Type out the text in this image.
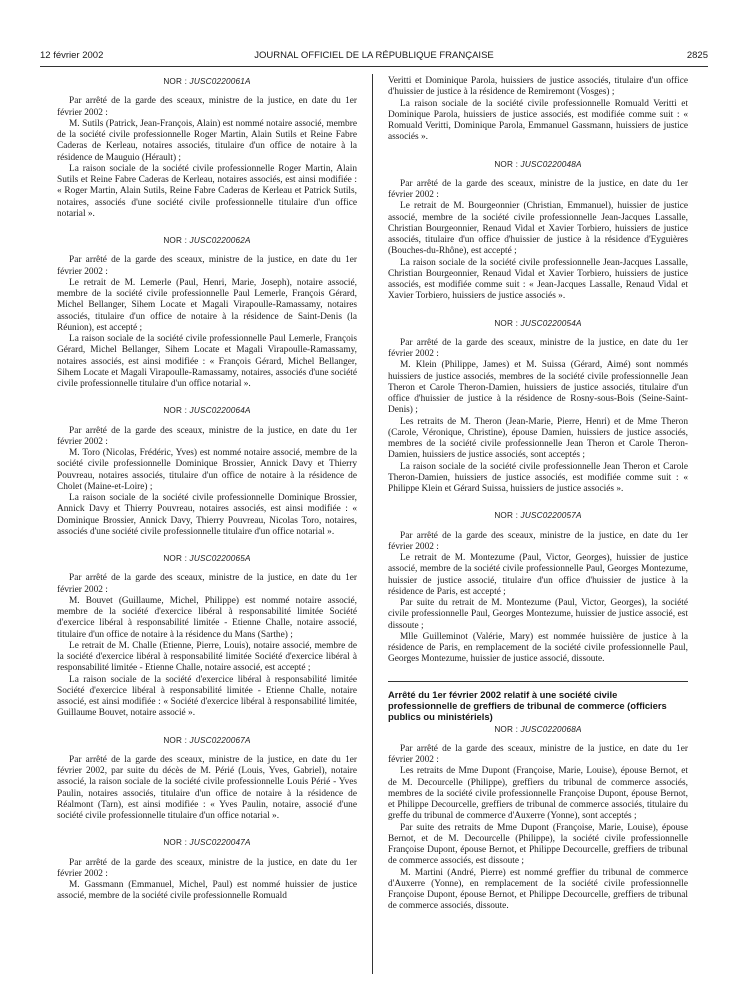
12 février 2002	JOURNAL OFFICIEL DE LA RÉPUBLIQUE FRANÇAISE	2825
NOR : JUSC0220061A

Par arrêté de la garde des sceaux, ministre de la justice, en date du 1er février 2002 :

M. Sutils (Patrick, Jean-François, Alain) est nommé notaire associé, membre de la société civile professionnelle Roger Martin, Alain Sutils et Reine Fabre Caderas de Kerleau, notaires associés, titulaire d'un office de notaire à la résidence de Mauguio (Hérault) ;

La raison sociale de la société civile professionnelle Roger Martin, Alain Sutils et Reine Fabre Caderas de Kerleau, notaires associés, est ainsi modifiée : « Roger Martin, Alain Sutils, Reine Fabre Caderas de Kerleau et Patrick Sutils, notaires, associés d'une société civile professionnelle titulaire d'un office notarial ».

NOR : JUSC0220062A

Par arrêté de la garde des sceaux, ministre de la justice, en date du 1er février 2002 :

Le retrait de M. Lemerle (Paul, Henri, Marie, Joseph), notaire associé, membre de la société civile professionnelle Paul Lemerle, François Gérard, Michel Bellanger, Sihem Locate et Magali Virapoulle-Ramassamy, notaires associés, titulaire d'un office de notaire à la résidence de Saint-Denis (la Réunion), est accepté ;

La raison sociale de la société civile professionnelle Paul Lemerle, François Gérard, Michel Bellanger, Sihem Locate et Magali Virapoulle-Ramassamy, notaires associés, est ainsi modifiée : « François Gérard, Michel Bellanger, Sihem Locate et Magali Virapoulle-Ramassamy, notaires, associés d'une société civile professionnelle titulaire d'un office notarial ».

NOR : JUSC0220064A

Par arrêté de la garde des sceaux, ministre de la justice, en date du 1er février 2002 :

M. Toro (Nicolas, Frédéric, Yves) est nommé notaire associé, membre de la société civile professionnelle Dominique Brossier, Annick Davy et Thierry Pouvreau, notaires associés, titulaire d'un office de notaire à la résidence de Cholet (Maine-et-Loire) ;

La raison sociale de la société civile professionnelle Dominique Brossier, Annick Davy et Thierry Pouvreau, notaires associés, est ainsi modifiée : « Dominique Brossier, Annick Davy, Thierry Pouvreau, Nicolas Toro, notaires, associés d'une société civile professionnelle titulaire d'un office notarial ».

NOR : JUSC0220065A

Par arrêté de la garde des sceaux, ministre de la justice, en date du 1er février 2002 :

M. Bouvet (Guillaume, Michel, Philippe) est nommé notaire associé, membre de la société d'exercice libéral à responsabilité limitée Société d'exercice libéral à responsabilité limitée - Etienne Challe, notaire associé, titulaire d'un office de notaire à la résidence du Mans (Sarthe) ;

Le retrait de M. Challe (Etienne, Pierre, Louis), notaire associé, membre de la société d'exercice libéral à responsabilité limitée Société d'exercice libéral à responsabilité limitée - Etienne Challe, notaire associé, est accepté ;

La raison sociale de la société d'exercice libéral à responsabilité limitée Société d'exercice libéral à responsabilité limitée - Etienne Challe, notaire associé, est ainsi modifiée : « Société d'exercice libéral à responsabilité limitée, Guillaume Bouvet, notaire associé ».

NOR : JUSC0220067A

Par arrêté de la garde des sceaux, ministre de la justice, en date du 1er février 2002, par suite du décès de M. Périé (Louis, Yves, Gabriel), notaire associé, la raison sociale de la société civile professionnelle Louis Périé - Yves Paulin, notaires associés, titulaire d'un office de notaire à la résidence de Réalmont (Tarn), est ainsi modifiée : « Yves Paulin, notaire, associé d'une société civile professionnelle titulaire d'un office notarial ».

NOR : JUSC0220047A

Par arrêté de la garde des sceaux, ministre de la justice, en date du 1er février 2002 :

M. Gassmann (Emmanuel, Michel, Paul) est nommé huissier de justice associé, membre de la société civile professionnelle Romuald

Veritti et Dominique Parola, huissiers de justice associés, titulaire d'un office d'huissier de justice à la résidence de Remiremont (Vosges) ;

La raison sociale de la société civile professionnelle Romuald Veritti et Dominique Parola, huissiers de justice associés, est modifiée comme suit : « Romuald Veritti, Dominique Parola, Emmanuel Gassmann, huissiers de justice associés ».

NOR : JUSC0220048A

Par arrêté de la garde des sceaux, ministre de la justice, en date du 1er février 2002 :

Le retrait de M. Bourgeonnier (Christian, Emmanuel), huissier de justice associé, membre de la société civile professionnelle Jean-Jacques Lassalle, Christian Bourgeonnier, Renaud Vidal et Xavier Torbiero, huissiers de justice associés, titulaire d'un office d'huissier de justice à la résidence d'Eyguières (Bouches-du-Rhône), est accepté ;

La raison sociale de la société civile professionnelle Jean-Jacques Lassalle, Christian Bourgeonnier, Renaud Vidal et Xavier Torbiero, huissiers de justice associés, est modifiée comme suit : « Jean-Jacques Lassalle, Renaud Vidal et Xavier Torbiero, huissiers de justice associés ».

NOR : JUSC0220054A

Par arrêté de la garde des sceaux, ministre de la justice, en date du 1er février 2002 :

M. Klein (Philippe, James) et M. Suissa (Gérard, Aimé) sont nommés huissiers de justice associés, membres de la société civile professionnelle Jean Theron et Carole Theron-Damien, huissiers de justice associés, titulaire d'un office d'huissier de justice à la résidence de Rosny-sous-Bois (Seine-Saint-Denis) ;

Les retraits de M. Theron (Jean-Marie, Pierre, Henri) et de Mme Theron (Carole, Véronique, Christine), épouse Damien, huissiers de justice associés, membres de la société civile professionnelle Jean Theron et Carole Theron-Damien, huissiers de justice associés, sont acceptés ;

La raison sociale de la société civile professionnelle Jean Theron et Carole Theron-Damien, huissiers de justice associés, est modifiée comme suit : « Philippe Klein et Gérard Suissa, huissiers de justice associés ».

NOR : JUSC0220057A

Par arrêté de la garde des sceaux, ministre de la justice, en date du 1er février 2002 :

Le retrait de M. Montezume (Paul, Victor, Georges), huissier de justice associé, membre de la société civile professionnelle Paul, Georges Montezume, huissier de justice associé, titulaire d'un office d'huissier de justice à la résidence de Paris, est accepté ;

Par suite du retrait de M. Montezume (Paul, Victor, Georges), la société civile professionnelle Paul, Georges Montezume, huissier de justice associé, est dissoute ;

Mlle Guilleminot (Valérie, Mary) est nommée huissière de justice à la résidence de Paris, en remplacement de la société civile professionnelle Paul, Georges Montezume, huissier de justice associé, dissoute.

Arrêté du 1er février 2002 relatif à une société civile professionnelle de greffiers de tribunal de commerce (officiers publics ou ministériels)

NOR : JUSC0220068A

Par arrêté de la garde des sceaux, ministre de la justice, en date du 1er février 2002 :

Les retraits de Mme Dupont (Françoise, Marie, Louise), épouse Bernot, et de M. Decourcelle (Philippe), greffiers du tribunal de commerce associés, membres de la société civile professionnelle Françoise Dupont, épouse Bernot, et Philippe Decourcelle, greffiers de tribunal de commerce associés, titulaire du greffe du tribunal de commerce d'Auxerre (Yonne), sont acceptés ;

Par suite des retraits de Mme Dupont (Françoise, Marie, Louise), épouse Bernot, et de M. Decourcelle (Philippe), la société civile professionnelle Françoise Dupont, épouse Bernot, et Philippe Decourcelle, greffiers de tribunal de commerce associés, est dissoute ;

M. Martini (André, Pierre) est nommé greffier du tribunal de commerce d'Auxerre (Yonne), en remplacement de la société civile professionnelle Françoise Dupont, épouse Bernot, et Philippe Decourcelle, greffiers de tribunal de commerce associés, dissoute.
